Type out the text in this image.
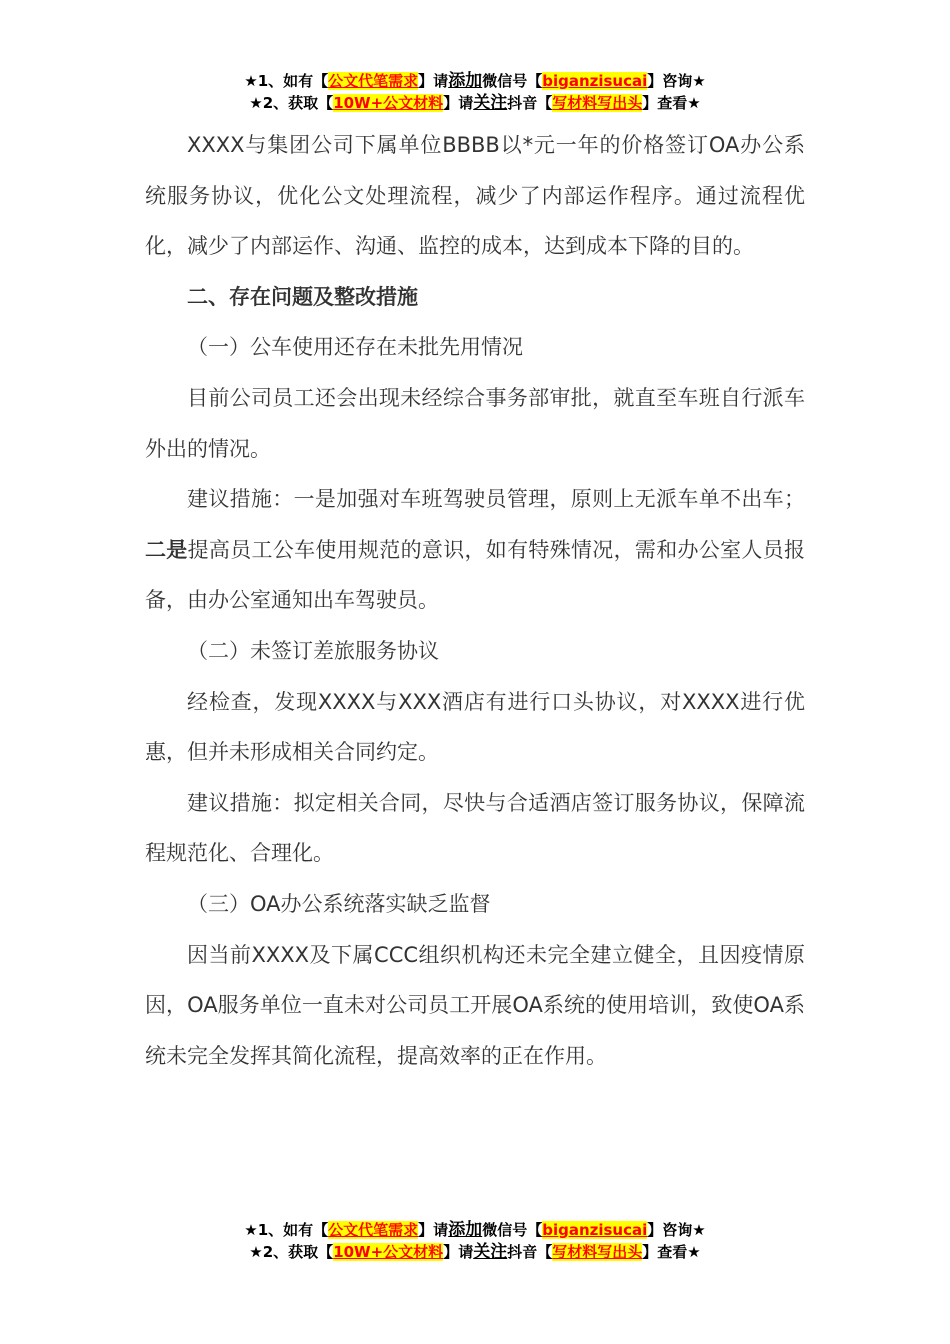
★1、如有【公文代笔需求】请添加微信号【biganzisucai】咨询★
★2、获取【10W+公文材料】请关注抖音【写材料写出头】查看★

XXXX与集团公司下属单位BBBB以*元一年的价格签订OA办公系统服务协议，优化公文处理流程，减少了内部运作程序。通过流程优化，减少了内部运作、沟通、监控的成本，达到成本下降的目的。

二、存在问题及整改措施

（一）公车使用还存在未批先用情况

目前公司员工还会出现未经综合事务部审批，就直至车班自行派车外出的情况。

建议措施：一是加强对车班驾驶员管理，原则上无派车单不出车；二是提高员工公车使用规范的意识，如有特殊情况，需和办公室人员报备，由办公室通知出车驾驶员。

（二）未签订差旅服务协议

经检查，发现XXXX与XXX酒店有进行口头协议，对XXXX进行优惠，但并未形成相关合同约定。

建议措施：拟定相关合同，尽快与合适酒店签订服务协议，保障流程规范化、合理化。

（三）OA办公系统落实缺乏监督

因当前XXXX及下属CCC组织机构还未完全建立健全，且因疫情原因，OA服务单位一直未对公司员工开展OA系统的使用培训，致使OA系统未完全发挥其简化流程，提高效率的正在作用。

★1、如有【公文代笔需求】请添加微信号【biganzisucai】咨询★
★2、获取【10W+公文材料】请关注抖音【写材料写出头】查看★
